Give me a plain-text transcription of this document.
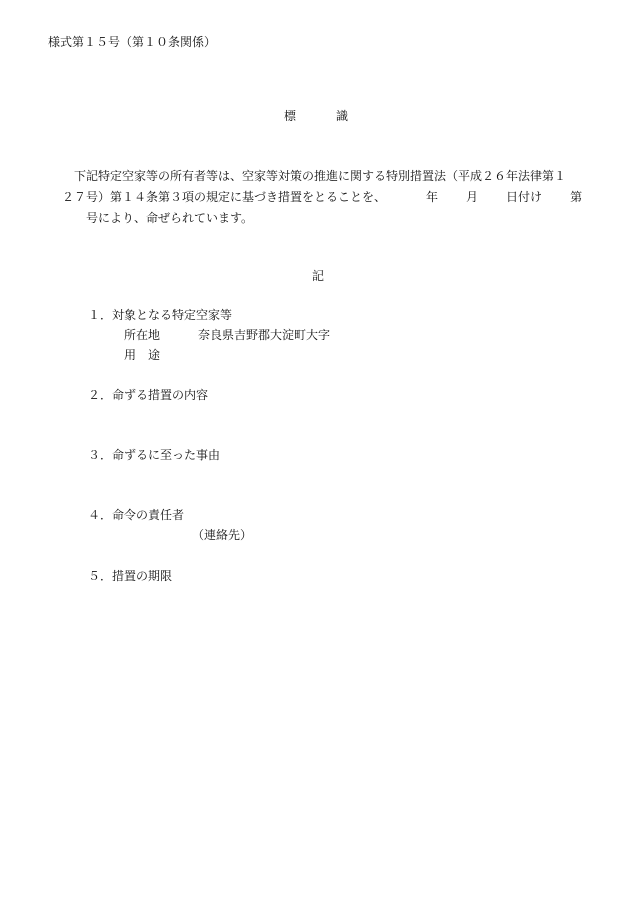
様式第１５号（第１０条関係）
標	識
下記特定空家等の所有者等は、空家等対策の推進に関する特別措置法（平成２６年法律第１
２７号）第１４条第３項の規定に基づき措置をとることを、	年 月 日付け 第
号により、命ぜられています。
記
１．対象となる特定空家等
所在地	奈良県吉野郡大淀町大字
用　途
２．命ずる措置の内容
３．命ずるに至った事由
４．命令の責任者
（連絡先）
５．措置の期限
